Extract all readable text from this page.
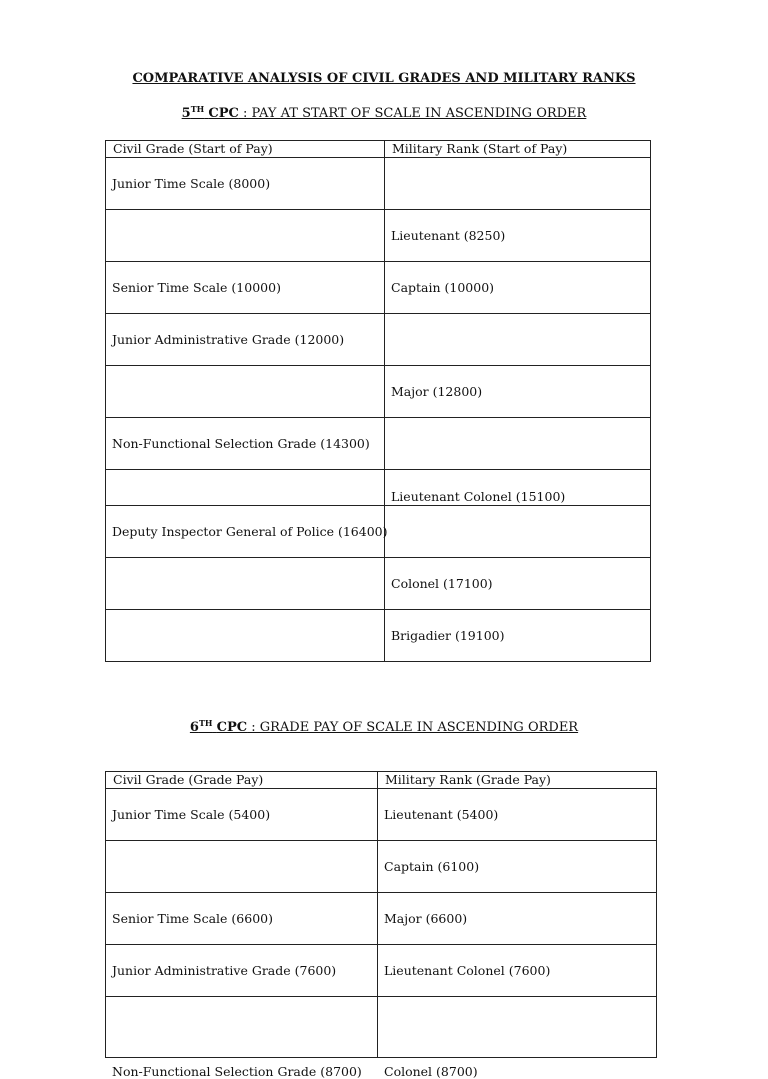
COMPARATIVE ANALYSIS OF CIVIL GRADES AND MILITARY RANKS
5TH CPC : PAY AT START OF SCALE IN ASCENDING ORDER
Civil Grade (Start of Pay)	Military Rank (Start of Pay)
Junior Time Scale (8000)	
	Lieutenant (8250)
Senior Time Scale (10000)	Captain (10000)
Junior Administrative Grade (12000)	
	Major (12800)
Non-Functional Selection Grade (14300)	
	Lieutenant Colonel (15100)
Deputy Inspector General of Police (16400)	
	Colonel (17100)
	Brigadier (19100)
6TH CPC : GRADE PAY OF SCALE IN ASCENDING ORDER
Civil Grade (Grade Pay)	Military Rank (Grade Pay)
Junior Time Scale (5400)	Lieutenant (5400)
	Captain (6100)
Senior Time Scale (6600)	Major (6600)
Junior Administrative Grade (7600)	Lieutenant Colonel (7600)

Non-Functional Selection Grade (8700)	Colonel (8700)
